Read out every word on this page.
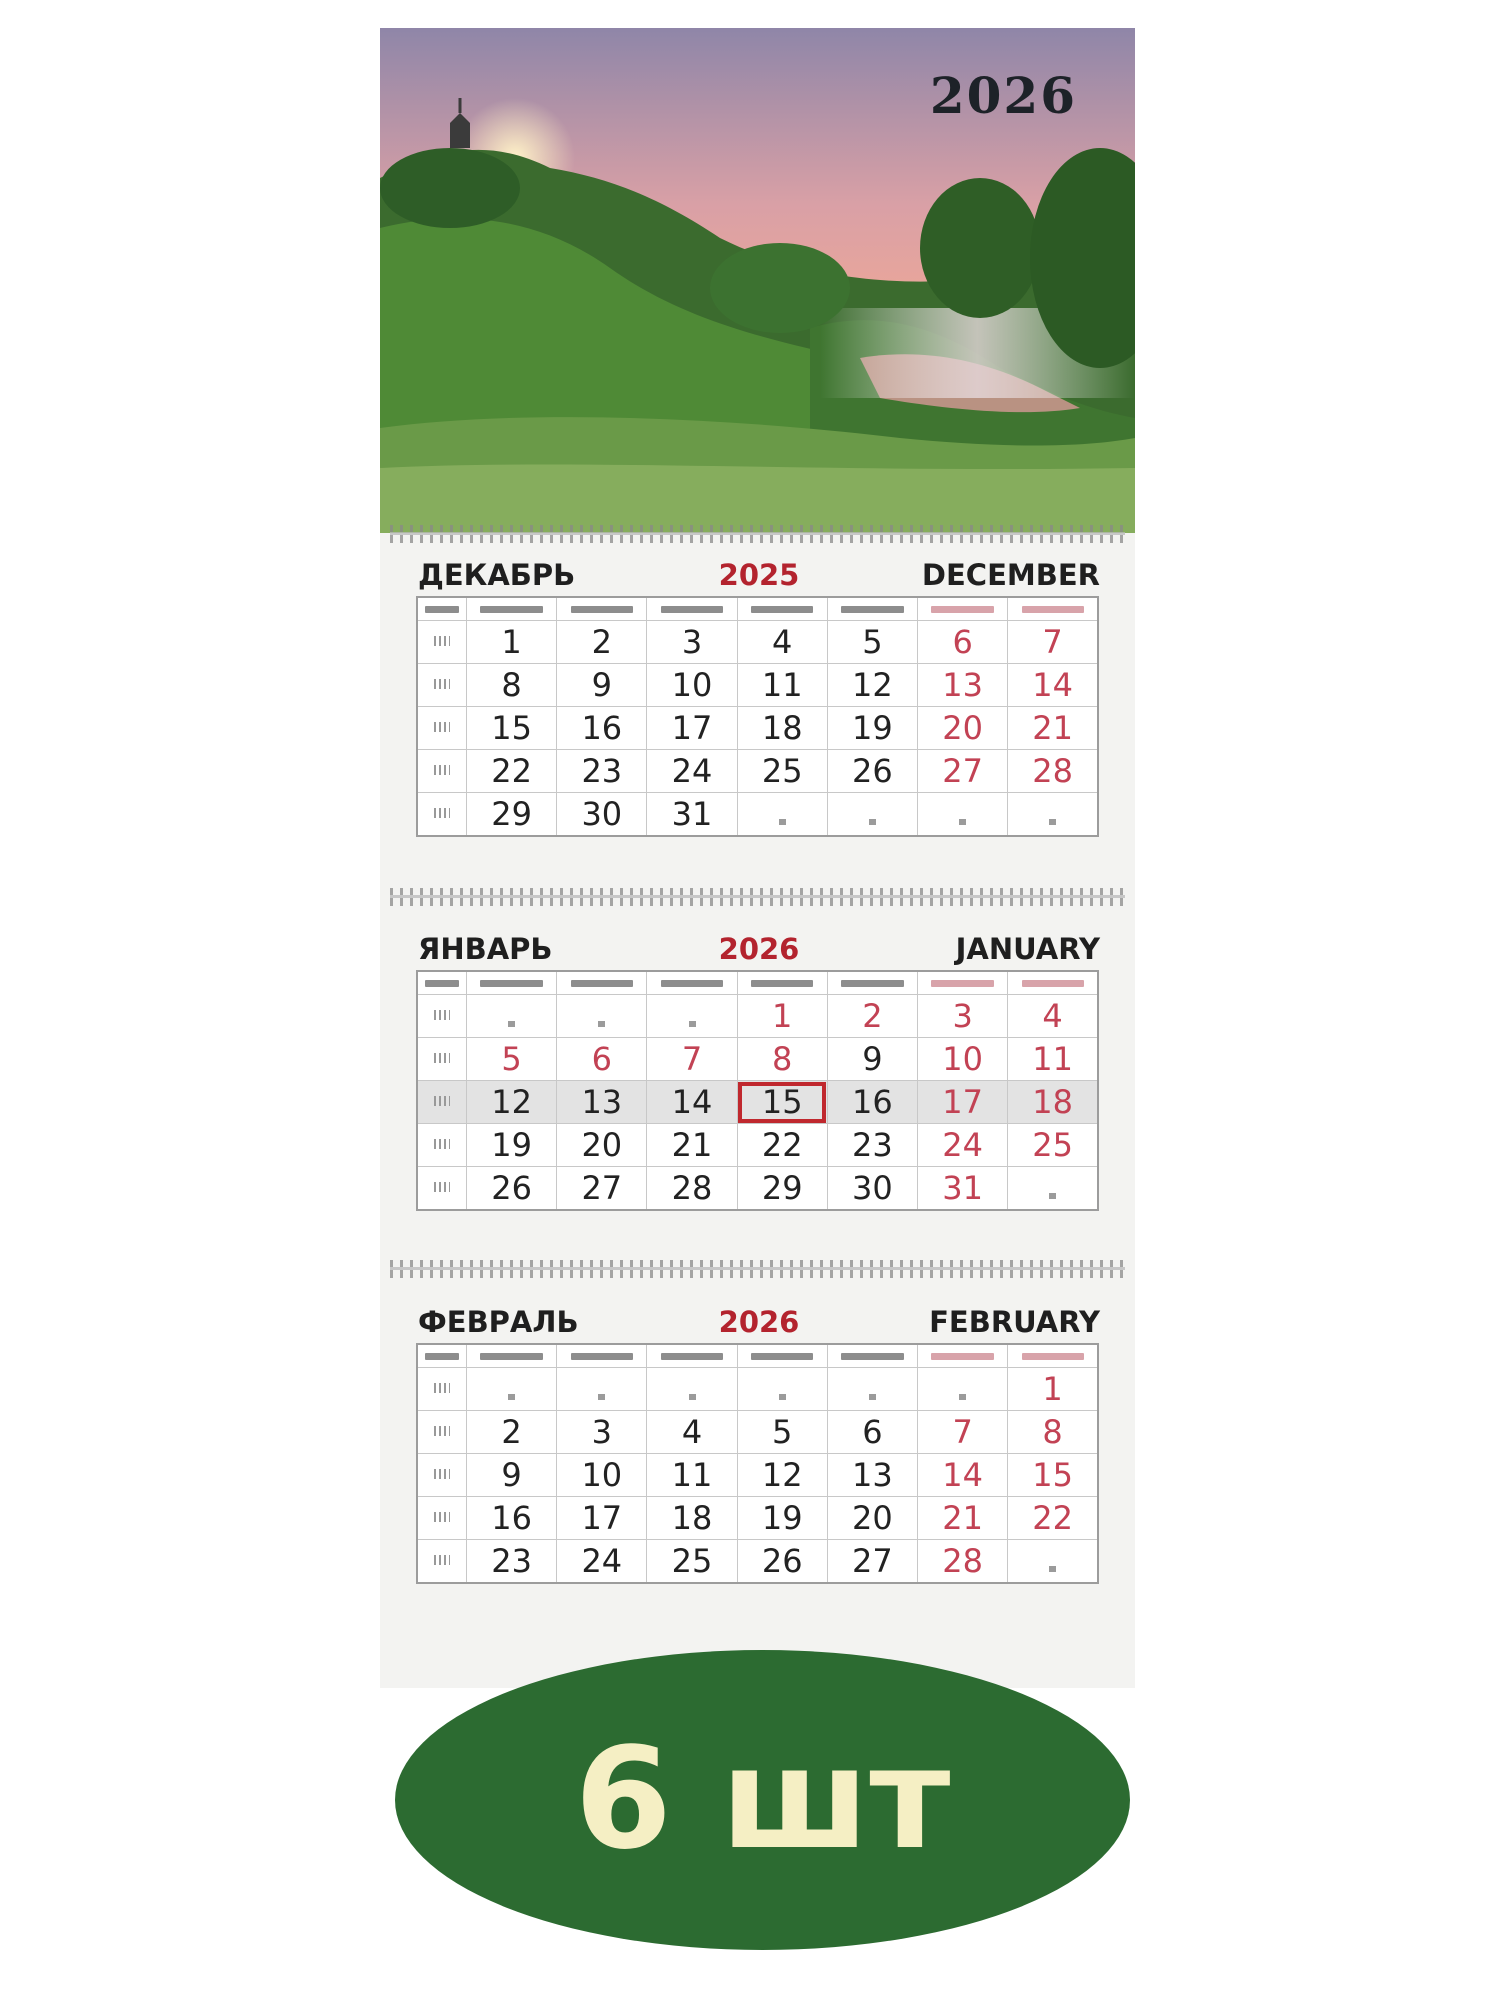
2026
ДЕКАБРЬ	2025	DECEMBER

	1	2	3	4	5	6	7
	8	9	10	11	12	13	14
	15	16	17	18	19	20	21
	22	23	24	25	26	27	28
	29	30	31				
ЯНВАРЬ	2026	JANUARY

				1	2	3	4
	5	6	7	8	9	10	11
	12	13	14	15	16	17	18
	19	20	21	22	23	24	25
	26	27	28	29	30	31	
ФЕВРАЛЬ	2026	FEBRUARY

							1
	2	3	4	5	6	7	8
	9	10	11	12	13	14	15
	16	17	18	19	20	21	22
	23	24	25	26	27	28	
6 шт
